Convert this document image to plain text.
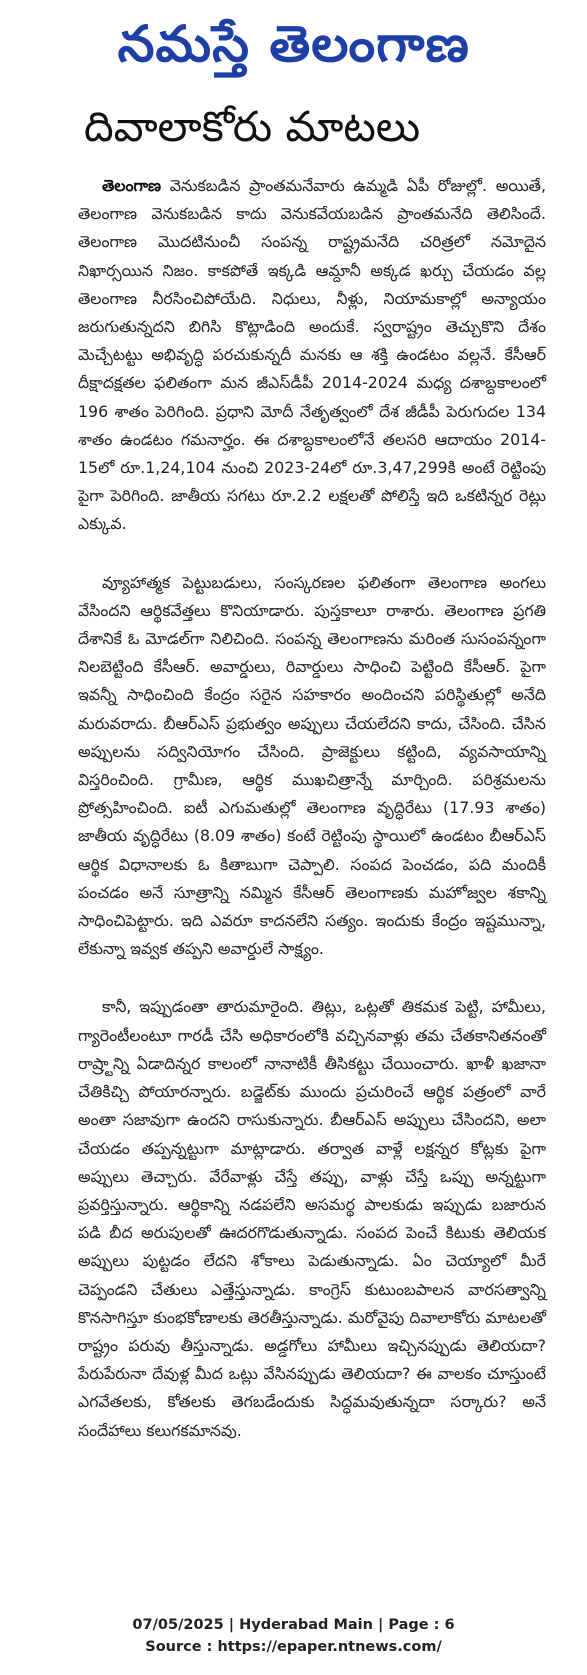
నమస్తే తెలంగాణ
దివాలాకోరు మాటలు

తెలంగాణ వెనుకబడిన ప్రాంతమనేవారు ఉమ్మడి ఏపీ రోజుల్లో. అయితే, తెలంగాణ వెనుకబడిన కాదు వెనుకవేయబడిన ప్రాంతమనేది తెలిసిందే. తెలంగాణ మొదటినుంచీ సంపన్న రాష్ట్రమనేది చరిత్రలో నమోదైన నిఖార్సయిన నిజం. కాకపోతే ఇక్కడి ఆమ్దానీ అక్కడ ఖర్చు చేయడం వల్ల తెలంగాణ నీరసించిపోయేది. నిధులు, నీళ్లు, నియామకాల్లో అన్యాయం జరుగుతున్నదని బిగిసి కొట్లాడింది అందుకే. స్వరాష్ట్రం తెచ్చుకొని దేశం మెచ్చేటట్టు అభివృద్ధి పరచుకున్నదీ మనకు ఆ శక్తి ఉండటం వల్లనే. కేసీఆర్ దీక్షాదక్షతల ఫలితంగా మన జీఎస్‌డీపీ 2014-2024 మధ్య దశాబ్దకాలంలో 196 శాతం పెరిగింది. ప్రధాని మోదీ నేతృత్వంలో దేశ జీడీపీ పెరుగుదల 134 శాతం ఉండటం గమనార్హం. ఈ దశాబ్దకాలంలోనే తలసరి ఆదాయం 2014-15లో రూ.1,24,104 నుంచి 2023-24లో రూ.3,47,299కి అంటే రెట్టింపు పైగా పెరిగింది. జాతీయ సగటు రూ.2.2 లక్షలతో పోలిస్తే ఇది ఒకటిన్నర రెట్లు ఎక్కువ.

వ్యూహాత్మక పెట్టుబడులు, సంస్కరణల ఫలితంగా తెలంగాణ అంగలు వేసిందని ఆర్థికవేత్తలు కొనియాడారు. పుస్తకాలూ రాశారు. తెలంగాణ ప్రగతి దేశానికే ఓ మోడల్‌గా నిలిచింది. సంపన్న తెలంగాణను మరింత సుసంపన్నంగా నిలబెట్టింది కేసీఆర్. అవార్డులు, రివార్డులు సాధించి పెట్టింది కేసీఆర్. పైగా ఇవన్నీ సాధించింది కేంద్రం సరైన సహకారం అందించని పరిస్థితుల్లో అనేది మరువరాదు. బీఆర్ఎస్ ప్రభుత్వం అప్పులు చేయలేదని కాదు, చేసింది. చేసిన అప్పులను సద్వినియోగం చేసింది. ప్రాజెక్టులు కట్టింది, వ్యవసాయాన్ని విస్తరించింది. గ్రామీణ, ఆర్థిక ముఖచిత్రాన్నే మార్చింది. పరిశ్రమలను ప్రోత్సహించింది. ఐటీ ఎగుమతుల్లో తెలంగాణ వృద్ధిరేటు (17.93 శాతం) జాతీయ వృద్ధిరేటు (8.09 శాతం) కంటే రెట్టింపు స్థాయిలో ఉండటం బీఆర్ఎస్ ఆర్థిక విధానాలకు ఓ కితాబుగా చెప్పాలి. సంపద పెంచడం, పది మందికీ పంచడం అనే సూత్రాన్ని నమ్మిన కేసీఆర్ తెలంగాణకు మహోజ్వల శకాన్ని సాధించిపెట్టారు. ఇది ఎవరూ కాదనలేని సత్యం. ఇందుకు కేంద్రం ఇష్టమున్నా, లేకున్నా ఇవ్వక తప్పని అవార్డులే సాక్ష్యం.

కానీ, ఇప్పుడంతా తారుమారైంది. తిట్లు, ఒట్లతో తికమక పెట్టి, హామీలు, గ్యారెంటీలంటూ గారడీ చేసి అధికారంలోకి వచ్చినవాళ్లు తమ చేతకానితనంతో రాష్ర్టాన్ని ఏడాదిన్నర కాలంలో నానాటికీ తీసికట్టు చేయించారు. ఖాళీ ఖజానా చేతికిచ్చి పోయారన్నారు. బడ్జెట్‌కు ముందు ప్రచురించే ఆర్థిక పత్రంలో వారే అంతా సజావుగా ఉందని రాసుకున్నారు. బీఆర్ఎస్ అప్పులు చేసిందని, అలా చేయడం తప్పన్నట్టుగా మాట్లాడారు. తర్వాత వాళ్లే లక్షన్నర కోట్లకు పైగా అప్పులు తెచ్చారు. వేరేవాళ్లు చేస్తే తప్పు, వాళ్లు చేస్తే ఒప్పు అన్నట్టుగా ప్రవర్తిస్తున్నారు. ఆర్థికాన్ని నడపలేని అసమర్థ పాలకుడు ఇప్పుడు బజారున పడి బీద అరుపులతో ఊదరగొడుతున్నాడు. సంపద పెంచే కిటుకు తెలియక అప్పులు పుట్టడం లేదని శోకాలు పెడుతున్నాడు. ఏం చెయ్యాలో మీరే చెప్పండని చేతులు ఎత్తేస్తున్నాడు. కాంగ్రెస్ కుటుంబపాలన వారసత్వాన్ని కొనసాగిస్తూ కుంభకోణాలకు తెరతీస్తున్నాడు. మరోవైపు దివాలాకోరు మాటలతో రాష్ట్రం పరువు తీస్తున్నాడు. అడ్డగోలు హామీలు ఇచ్చినప్పుడు తెలియదా? పేరుపేరునా దేవుళ్ల మీద ఒట్లు వేసినప్పుడు తెలియదా? ఈ వాలకం చూస్తుంటే ఎగవేతలకు, కోతలకు తెగబడేందుకు సిద్ధమవుతున్నదా సర్కారు? అనే సందేహాలు కలుగకమానవు.

07/05/2025 | Hyderabad Main | Page : 6
Source : https://epaper.ntnews.com/
